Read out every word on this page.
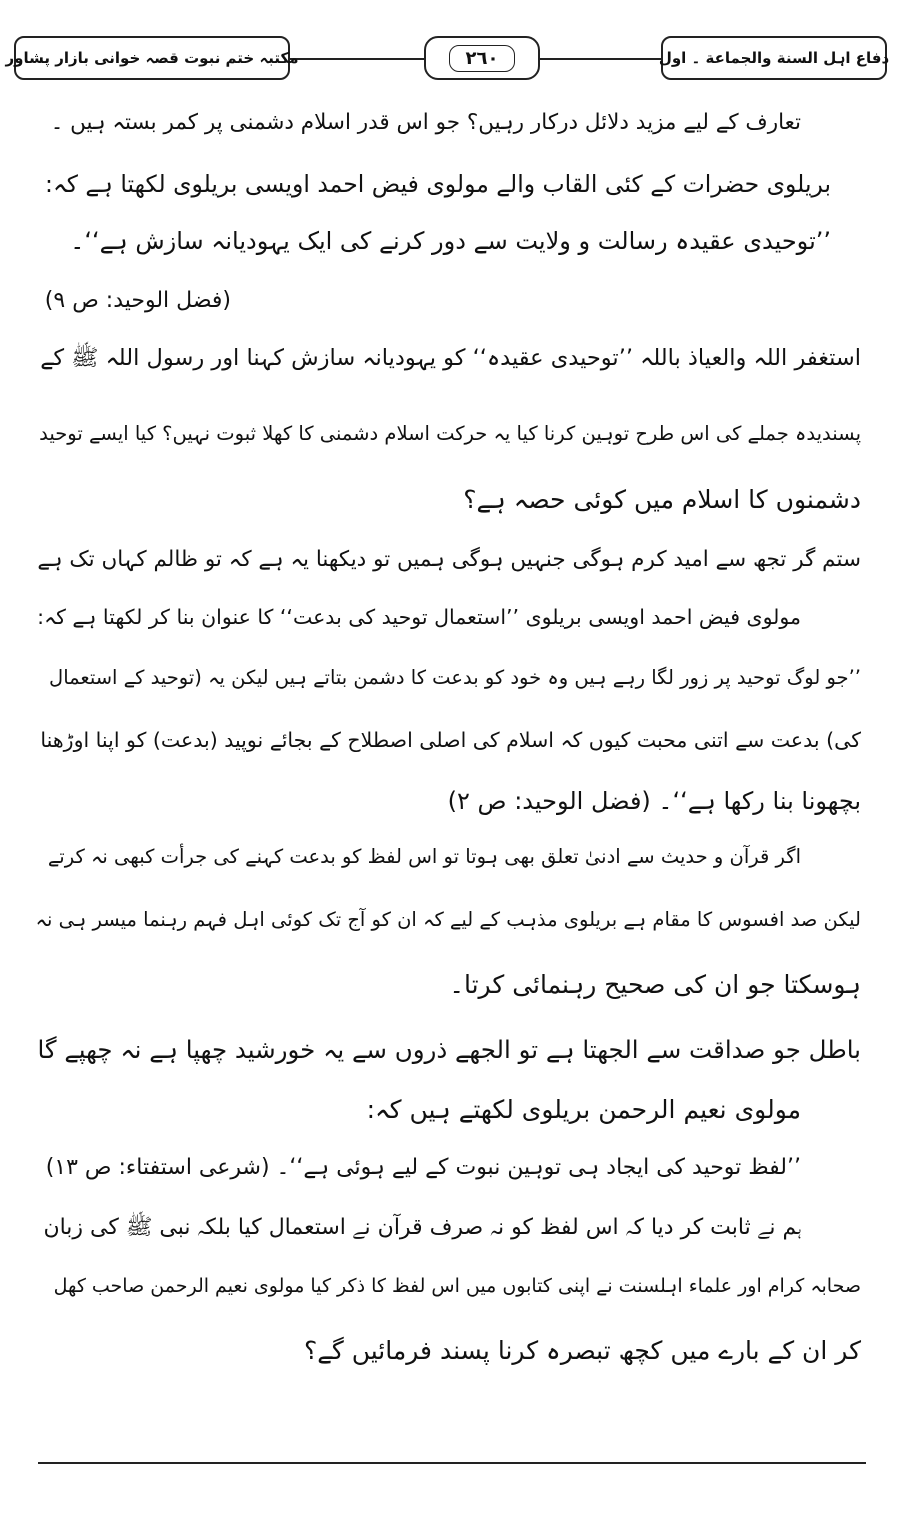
دفاع اہل السنة والجماعة ۔ اول
٢٦٠
مکتبہ ختم نبوت قصہ خوانی بازار پشاور
تعارف کے لیے مزید دلائل درکار رہیں؟ جو اس قدر اسلام دشمنی پر کمر بستہ ہیں ۔
بریلوی حضرات کے کئی القاب والے مولوی فیض احمد اویسی بریلوی لکھتا ہے کہ:
’’توحیدی عقیدہ رسالت و ولایت سے دور کرنے کی ایک یہودیانہ سازش ہے‘‘۔
(فضل الوحید: ص ۹)
استغفر اللہ والعیاذ باللہ ’’توحیدی عقیدہ‘‘ کو یہودیانہ سازش کہنا اور رسول اللہ ﷺ کے
پسندیدہ جملے کی اس طرح توہین کرنا کیا یہ حرکت اسلام دشمنی کا کھلا ثبوت نہیں؟ کیا ایسے توحید
دشمنوں کا اسلام میں کوئی حصہ ہے؟
ستم گر تجھ سے امید کرم ہوگی جنہیں ہوگی ہمیں تو دیکھنا یہ ہے کہ تو ظالم کہاں تک ہے
مولوی فیض احمد اویسی بریلوی ’’استعمال توحید کی بدعت‘‘ کا عنوان بنا کر لکھتا ہے کہ:
’’جو لوگ توحید پر زور لگا رہے ہیں وہ خود کو بدعت کا دشمن بتاتے ہیں لیکن یہ (توحید کے استعمال
کی) بدعت سے اتنی محبت کیوں کہ اسلام کی اصلی اصطلاح کے بجائے نوپید (بدعت) کو اپنا اوڑھنا
بچھونا بنا رکھا ہے‘‘۔ (فضل الوحید: ص ۲)
اگر قرآن و حدیث سے ادنیٰ تعلق بھی ہوتا تو اس لفظ کو بدعت کہنے کی جرأت کبھی نہ کرتے
لیکن صد افسوس کا مقام ہے بریلوی مذہب کے لیے کہ ان کو آج تک کوئی اہل فہم رہنما میسر ہی نہ
ہوسکتا جو ان کی صحیح رہنمائی کرتا۔
باطل جو صداقت سے الجھتا ہے تو الجھے ذروں سے یہ خورشید چھپا ہے نہ چھپے گا
مولوی نعیم الرحمن بریلوی لکھتے ہیں کہ:
’’لفظ توحید کی ایجاد ہی توہین نبوت کے لیے ہوئی ہے‘‘۔ (شرعی استفتاء: ص ۱۳)
ہم نے ثابت کر دیا کہ اس لفظ کو نہ صرف قرآن نے استعمال کیا بلکہ نبی ﷺ کی زبان
صحابہ کرام اور علماء اہلسنت نے اپنی کتابوں میں اس لفظ کا ذکر کیا مولوی نعیم الرحمن صاحب کھل
کر ان کے بارے میں کچھ تبصرہ کرنا پسند فرمائیں گے؟
